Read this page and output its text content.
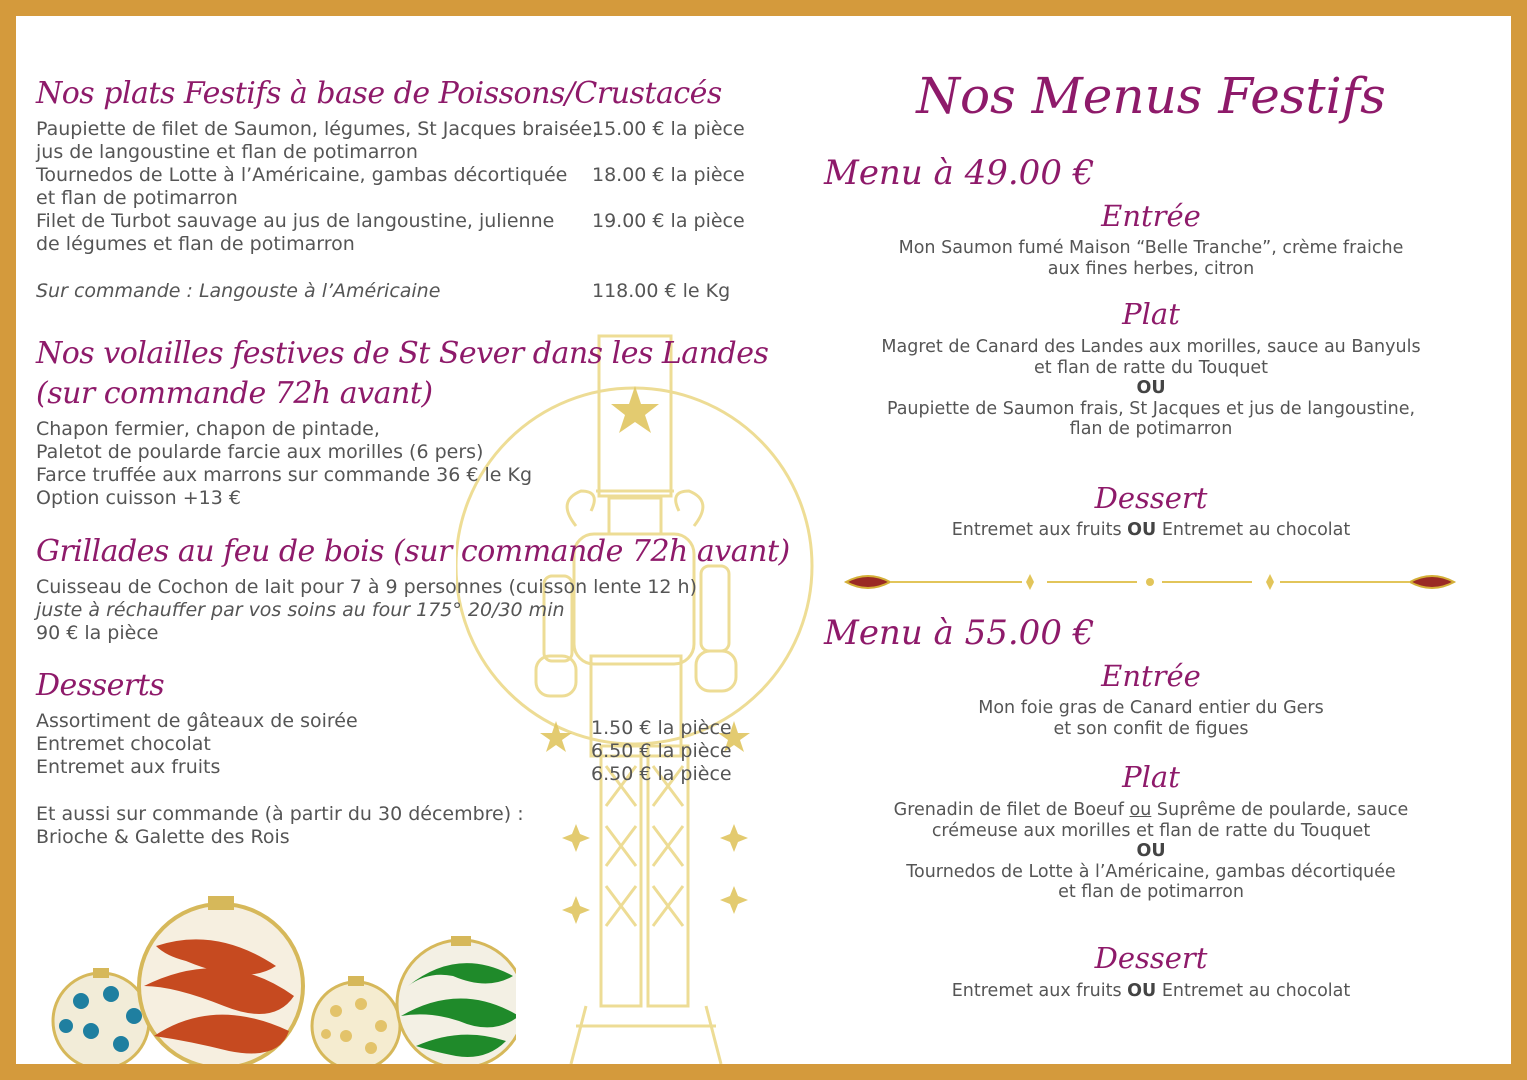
Nos plats Festifs à base de Poissons/Crustacés
Paupiette de filet de Saumon, légumes, St Jacques braisée,
jus de langoustine et flan de potimarron
15.00 € la pièce
Tournedos de Lotte à l’Américaine, gambas décortiquée
et flan de potimarron
18.00 € la pièce
Filet de Turbot sauvage au jus de langoustine, julienne
de légumes et flan de potimarron
19.00 € la pièce
Sur commande : Langouste à l’Américaine	118.00 € le Kg
Nos volailles festives de St Sever dans les Landes
(sur commande 72h avant)
Chapon fermier, chapon de pintade,
Paletot de poularde farcie aux morilles (6 pers)
Farce truffée aux marrons sur commande 36 € le Kg
Option cuisson +13 €
Grillades au feu de bois (sur commande 72h avant)
Cuisseau de Cochon de lait pour 7 à 9 personnes (cuisson lente 12 h)
juste à réchauffer par vos soins au four 175° 20/30 min
90 € la pièce
Desserts
Assortiment de gâteaux de soirée	1.50 € la pièce
Entremet chocolat	6.50 € la pièce
Entremet aux fruits	6.50 € la pièce
Et aussi sur commande (à partir du 30 décembre) :
Brioche & Galette des Rois
Nos Menus Festifs
Menu à 49.00 €
Entrée
Mon Saumon fumé Maison “Belle Tranche”, crème fraiche
aux fines herbes, citron
Plat
Magret de Canard des Landes aux morilles, sauce au Banyuls
et flan de ratte du Touquet
OU
Paupiette de Saumon frais, St Jacques et jus de langoustine,
flan de potimarron
Dessert
Entremet aux fruits OU Entremet au chocolat
Menu à 55.00 €
Entrée
Mon foie gras de Canard entier du Gers
et son confit de figues
Plat
Grenadin de filet de Boeuf ou Suprême de poularde, sauce
crémeuse aux morilles et flan de ratte du Touquet
OU
Tournedos de Lotte à l’Américaine, gambas décortiquée
et flan de potimarron
Dessert
Entremet aux fruits OU Entremet au chocolat
